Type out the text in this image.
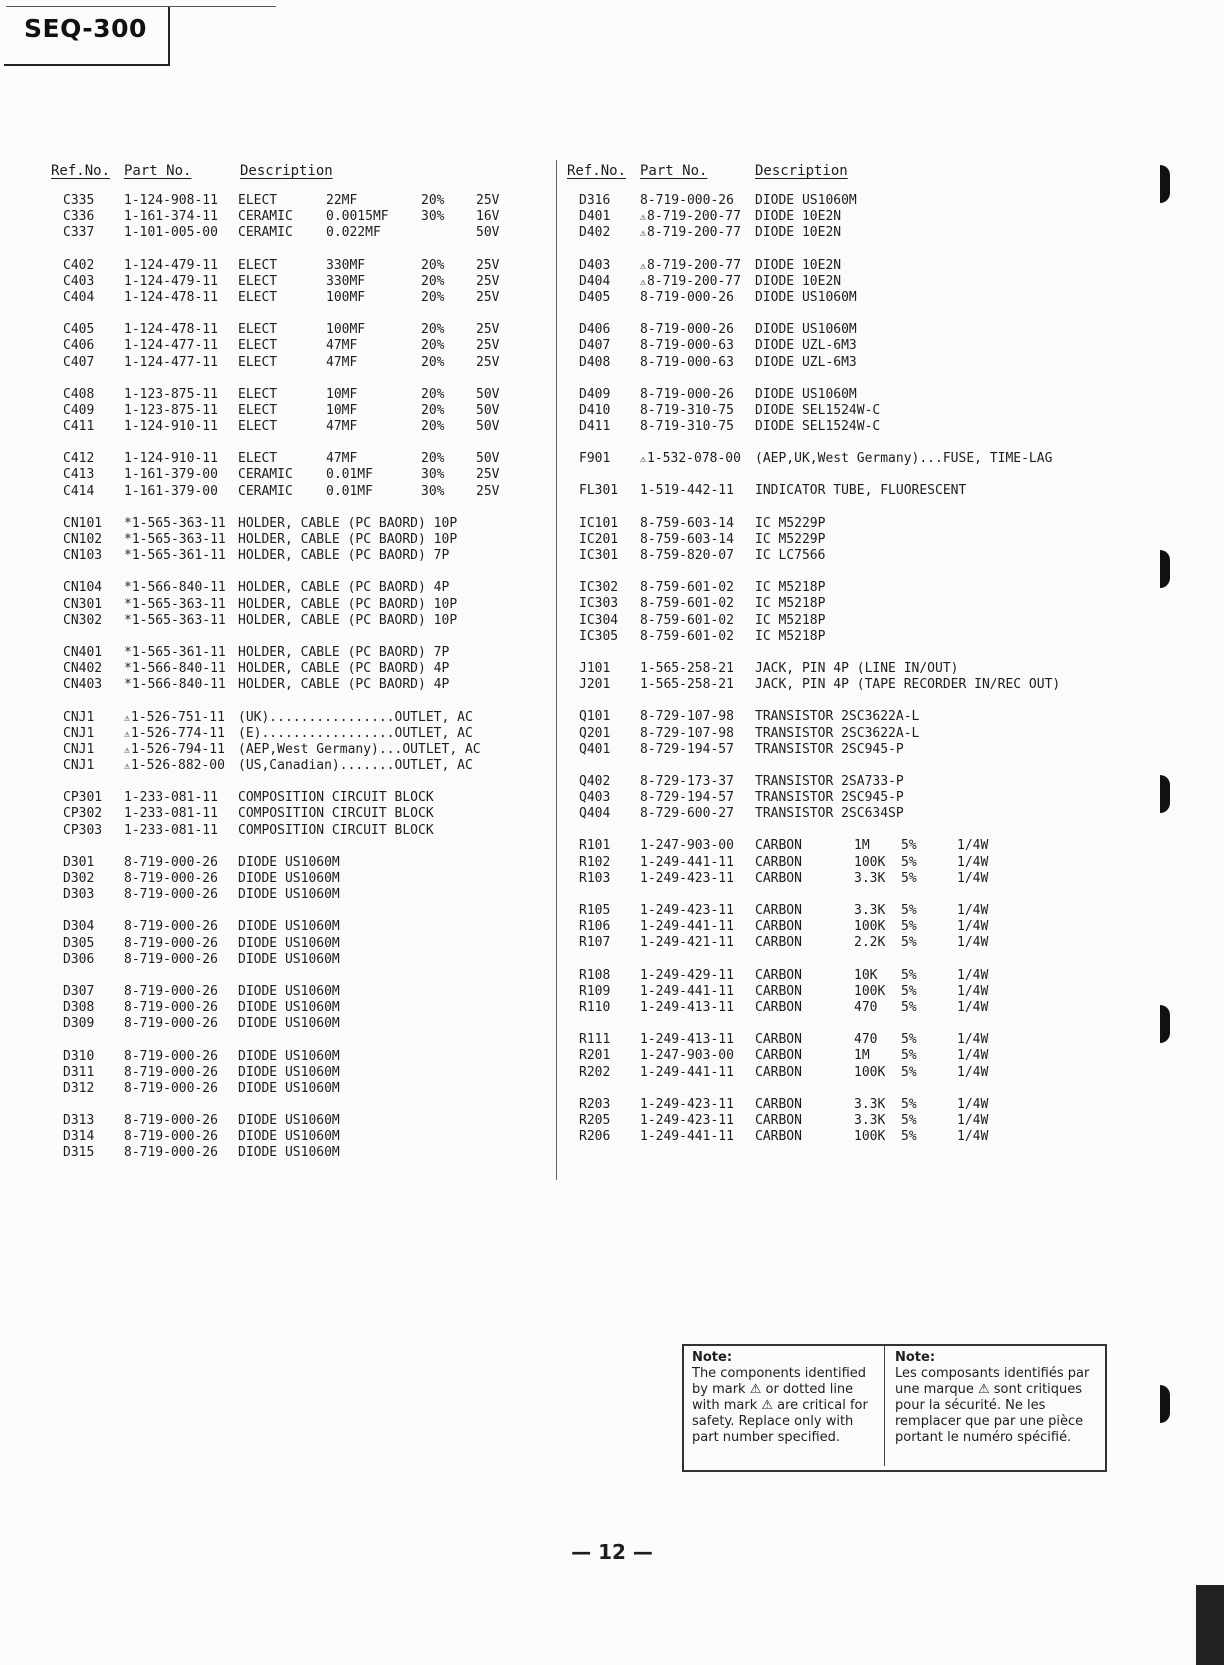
SEQ-300
Ref.No. Part No.	Description
C335 1-124-908-11 ELECT	22MF	20% 25V
C336 1-161-374-11 CERAMIC	0.0015MF 30% 16V
C337 1-101-005-00 CERAMIC	0.022MF	50V
C402 1-124-479-11 ELECT	330MF	20% 25V
C403 1-124-479-11 ELECT	330MF	20% 25V
C404 1-124-478-11 ELECT	100MF	20% 25V
C405 1-124-478-11 ELECT	100MF	20% 25V
C406 1-124-477-11 ELECT	47MF	20% 25V
C407 1-124-477-11 ELECT	47MF	20% 25V
C408 1-123-875-11 ELECT	10MF	20% 50V
C409 1-123-875-11 ELECT	10MF	20% 50V
C411 1-124-910-11 ELECT	47MF	20% 50V
C412 1-124-910-11 ELECT	47MF	20% 50V
C413 1-161-379-00 CERAMIC	0.01MF	30% 25V
C414 1-161-379-00 CERAMIC	0.01MF	30% 25V
CN101 *1-565-363-11 HOLDER, CABLE (PC BAORD) 10P
CN102 *1-565-363-11 HOLDER, CABLE (PC BAORD) 10P
CN103 *1-565-361-11 HOLDER, CABLE (PC BAORD) 7P
CN104 *1-566-840-11 HOLDER, CABLE (PC BAORD) 4P
CN301 *1-565-363-11 HOLDER, CABLE (PC BAORD) 10P
CN302 *1-565-363-11 HOLDER, CABLE (PC BAORD) 10P
CN401 *1-565-361-11 HOLDER, CABLE (PC BAORD) 7P
CN402 *1-566-840-11 HOLDER, CABLE (PC BAORD) 4P
CN403 *1-566-840-11 HOLDER, CABLE (PC BAORD) 4P
CNJ1	⚠1-526-751-11 (UK)................OUTLET, AC
CNJ1	⚠1-526-774-11 (E).................OUTLET, AC
CNJ1	⚠1-526-794-11 (AEP,West Germany)...OUTLET, AC
CNJ1	⚠1-526-882-00 (US,Canadian).......OUTLET, AC
CP301 1-233-081-11 COMPOSITION CIRCUIT BLOCK
CP302 1-233-081-11 COMPOSITION CIRCUIT BLOCK
CP303 1-233-081-11 COMPOSITION CIRCUIT BLOCK
D301 8-719-000-26 DIODE US1060M
D302 8-719-000-26 DIODE US1060M
D303 8-719-000-26 DIODE US1060M
D304 8-719-000-26 DIODE US1060M
D305 8-719-000-26 DIODE US1060M
D306 8-719-000-26 DIODE US1060M
D307 8-719-000-26 DIODE US1060M
D308 8-719-000-26 DIODE US1060M
D309 8-719-000-26 DIODE US1060M
D310 8-719-000-26 DIODE US1060M
D311 8-719-000-26 DIODE US1060M
D312 8-719-000-26 DIODE US1060M
D313 8-719-000-26 DIODE US1060M
D314 8-719-000-26 DIODE US1060M
D315 8-719-000-26 DIODE US1060M
Ref.No. Part No.	Description
D316 8-719-000-26 DIODE US1060M
D401	⚠8-719-200-77 DIODE 10E2N
D402	⚠8-719-200-77 DIODE 10E2N
D403	⚠8-719-200-77 DIODE 10E2N
D404	⚠8-719-200-77 DIODE 10E2N
D405 8-719-000-26 DIODE US1060M
D406 8-719-000-26 DIODE US1060M
D407 8-719-000-63 DIODE UZL-6M3
D408 8-719-000-63 DIODE UZL-6M3
D409 8-719-000-26 DIODE US1060M
D410 8-719-310-75 DIODE SEL1524W-C
D411 8-719-310-75 DIODE SEL1524W-C
F901	⚠1-532-078-00 (AEP,UK,West Germany)...FUSE, TIME-LAG
FL301 1-519-442-11 INDICATOR TUBE, FLUORESCENT
IC101 8-759-603-14 IC M5229P
IC201 8-759-603-14 IC M5229P
IC301 8-759-820-07 IC LC7566
IC302 8-759-601-02 IC M5218P
IC303 8-759-601-02 IC M5218P
IC304 8-759-601-02 IC M5218P
IC305 8-759-601-02 IC M5218P
J101 1-565-258-21 JACK, PIN 4P (LINE IN/OUT)
J201 1-565-258-21 JACK, PIN 4P (TAPE RECORDER IN/REC OUT)
Q101 8-729-107-98 TRANSISTOR 2SC3622A-L
Q201 8-729-107-98 TRANSISTOR 2SC3622A-L
Q401 8-729-194-57 TRANSISTOR 2SC945-P
Q402 8-729-173-37 TRANSISTOR 2SA733-P
Q403 8-729-194-57 TRANSISTOR 2SC945-P
Q404 8-729-600-27 TRANSISTOR 2SC634SP
R101 1-247-903-00 CARBON	1M 5%	1/4W
R102 1-249-441-11 CARBON	100K 5%	1/4W
R103 1-249-423-11 CARBON	3.3K 5%	1/4W
R105 1-249-423-11 CARBON	3.3K 5%	1/4W
R106 1-249-441-11 CARBON	100K 5%	1/4W
R107 1-249-421-11 CARBON	2.2K 5%	1/4W
R108 1-249-429-11 CARBON	10K 5%	1/4W
R109 1-249-441-11 CARBON	100K 5%	1/4W
R110 1-249-413-11 CARBON	470 5%	1/4W
R111 1-249-413-11 CARBON	470 5%	1/4W
R201 1-247-903-00 CARBON	1M 5%	1/4W
R202 1-249-441-11 CARBON	100K 5%	1/4W
R203 1-249-423-11 CARBON	3.3K 5%	1/4W
R205 1-249-423-11 CARBON	3.3K 5%	1/4W
R206 1-249-441-11 CARBON	100K 5%	1/4W
Note:
The components identified by mark ⚠ or dotted line with mark ⚠ are critical for safety. Replace only with part number specified.
Note:
Les composants identifiés par une marque ⚠ sont critiques pour la sécurité. Ne les remplacer que par une pièce portant le numéro spécifié.
— 12 —
